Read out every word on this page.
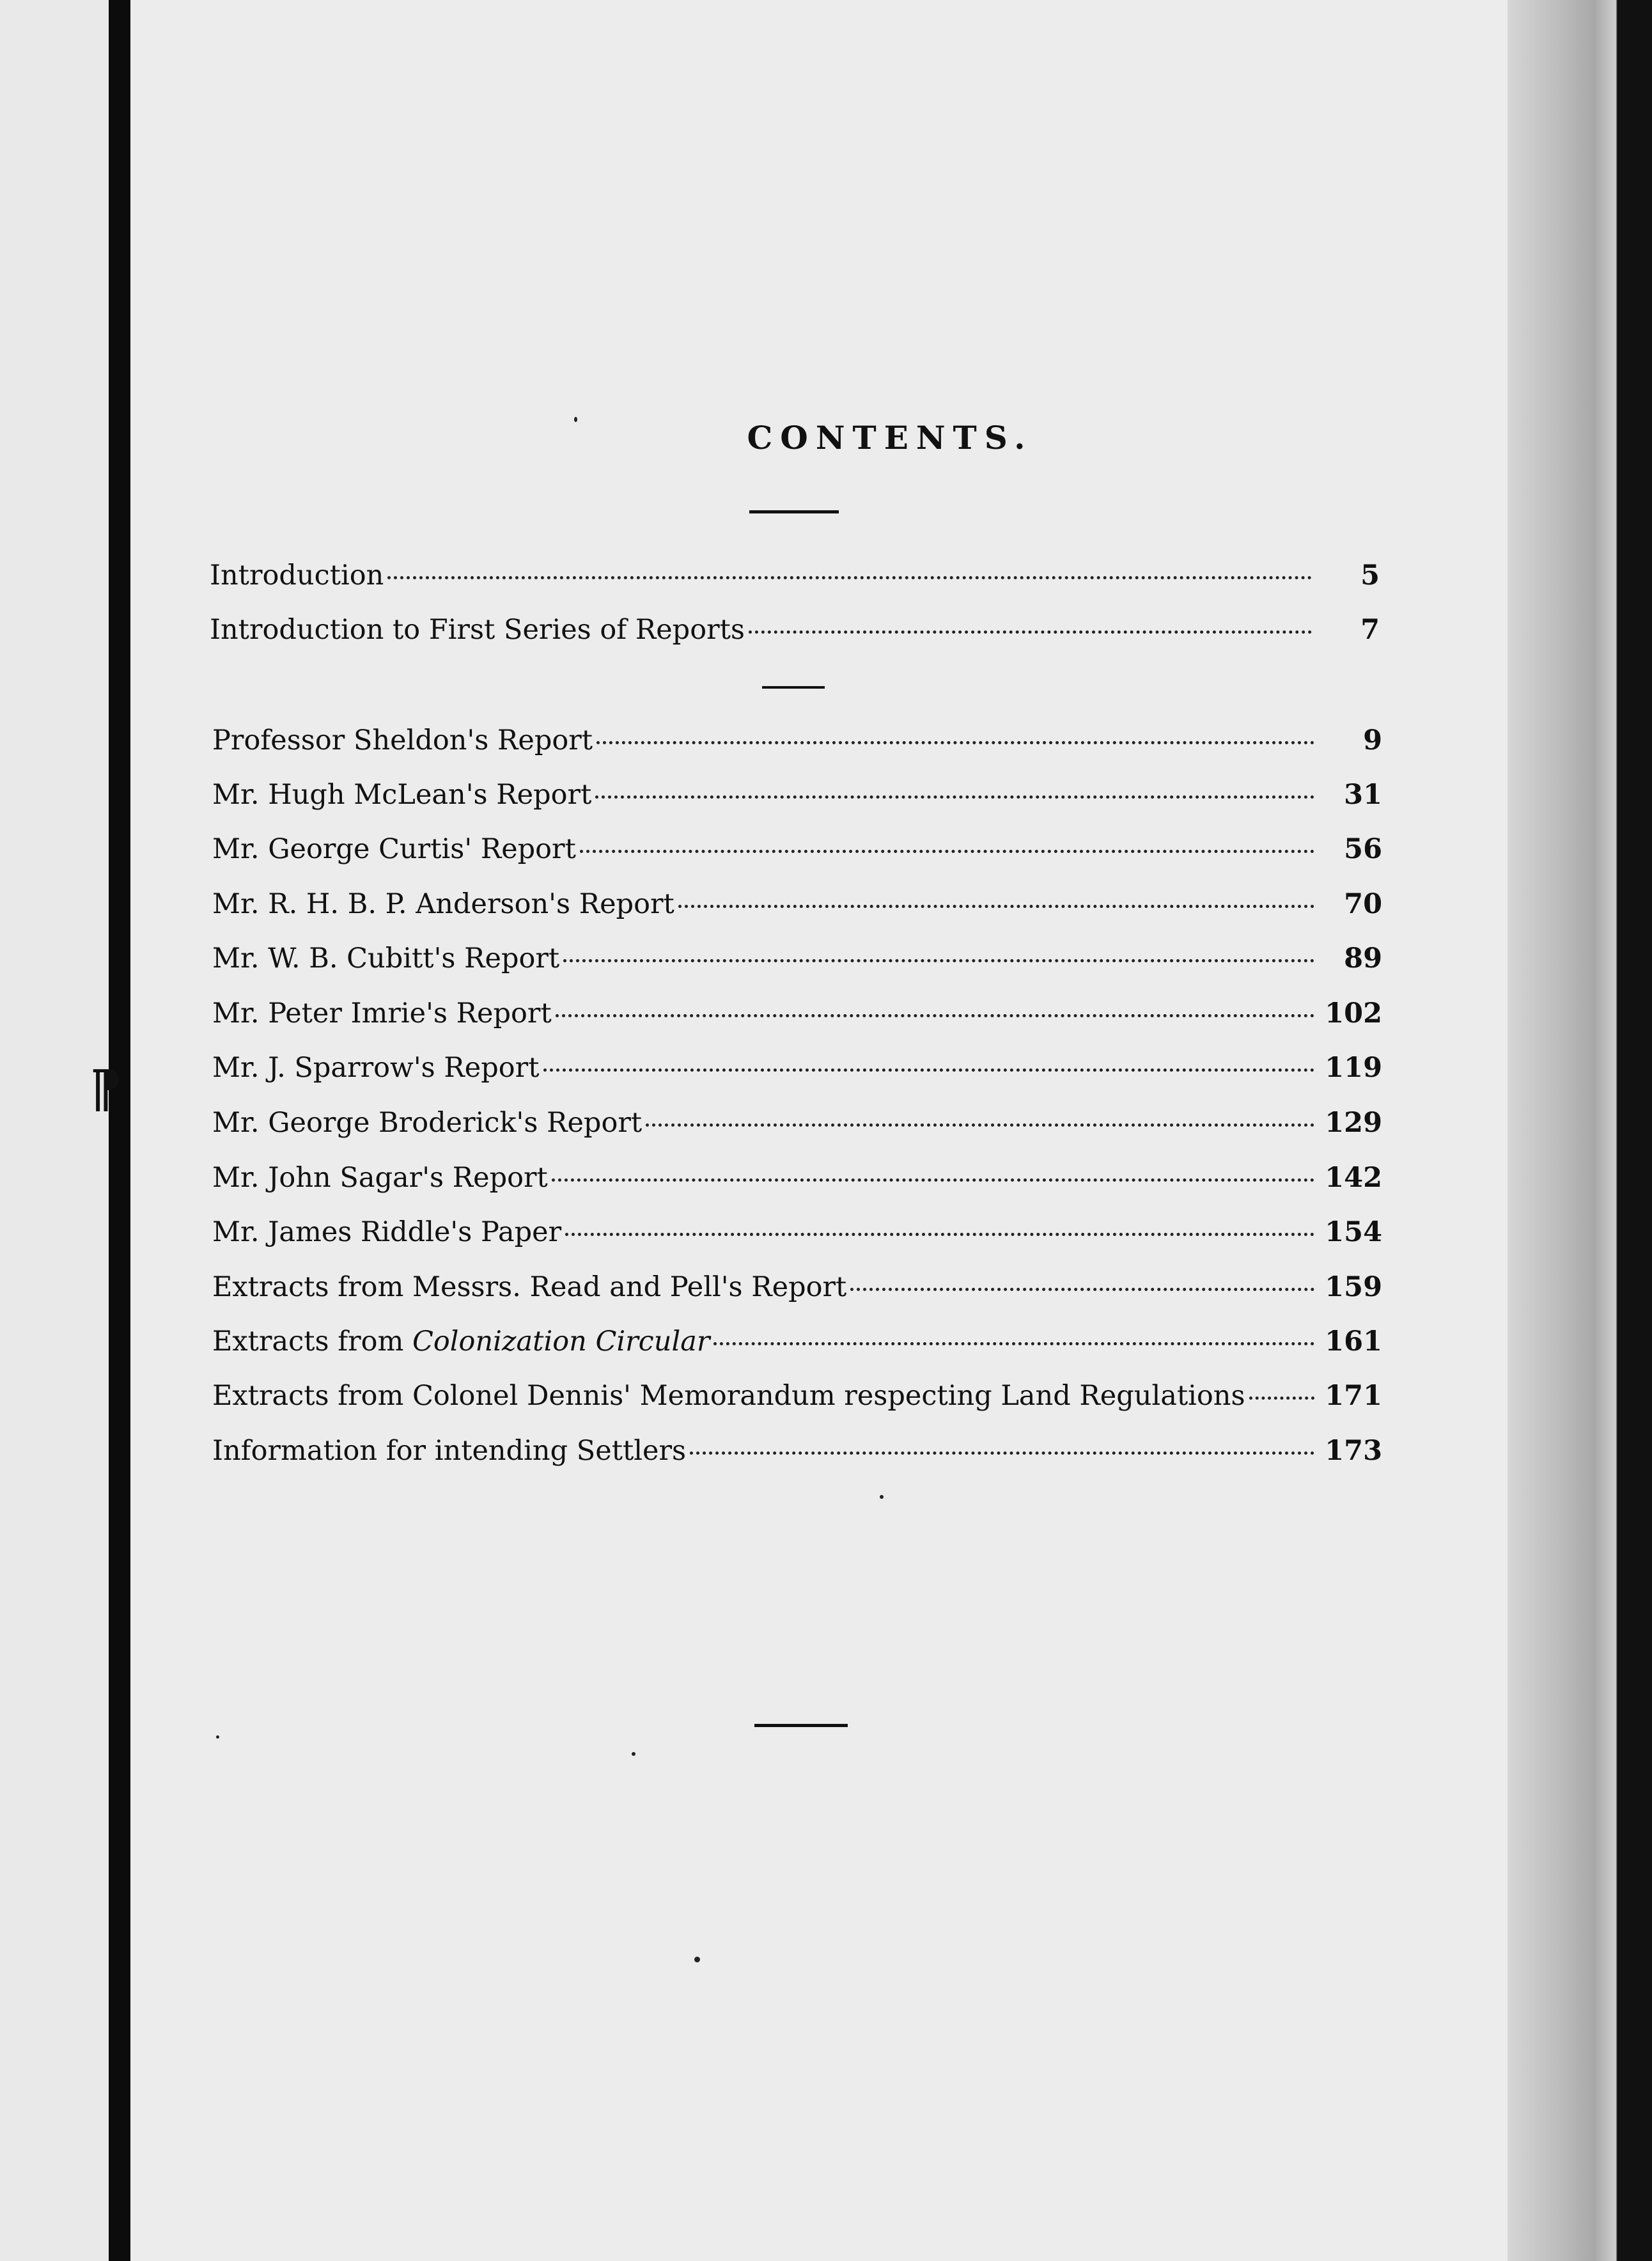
⁋
CONTENTS.
Introduction	5
Introduction to First Series of Reports	7
Professor Sheldon's Report	9
Mr. Hugh McLean's Report	31
Mr. George Curtis' Report	56
Mr. R. H. B. P. Anderson's Report	70
Mr. W. B. Cubitt's Report	89
Mr. Peter Imrie's Report	102
Mr. J. Sparrow's Report	119
Mr. George Broderick's Report	129
Mr. John Sagar's Report	142
Mr. James Riddle's Paper	154
Extracts from Messrs. Read and Pell's Report	159
Extracts from Colonization Circular	161
Extracts from Colonel Dennis' Memorandum respecting Land Regulations	171
Information for intending Settlers	173
